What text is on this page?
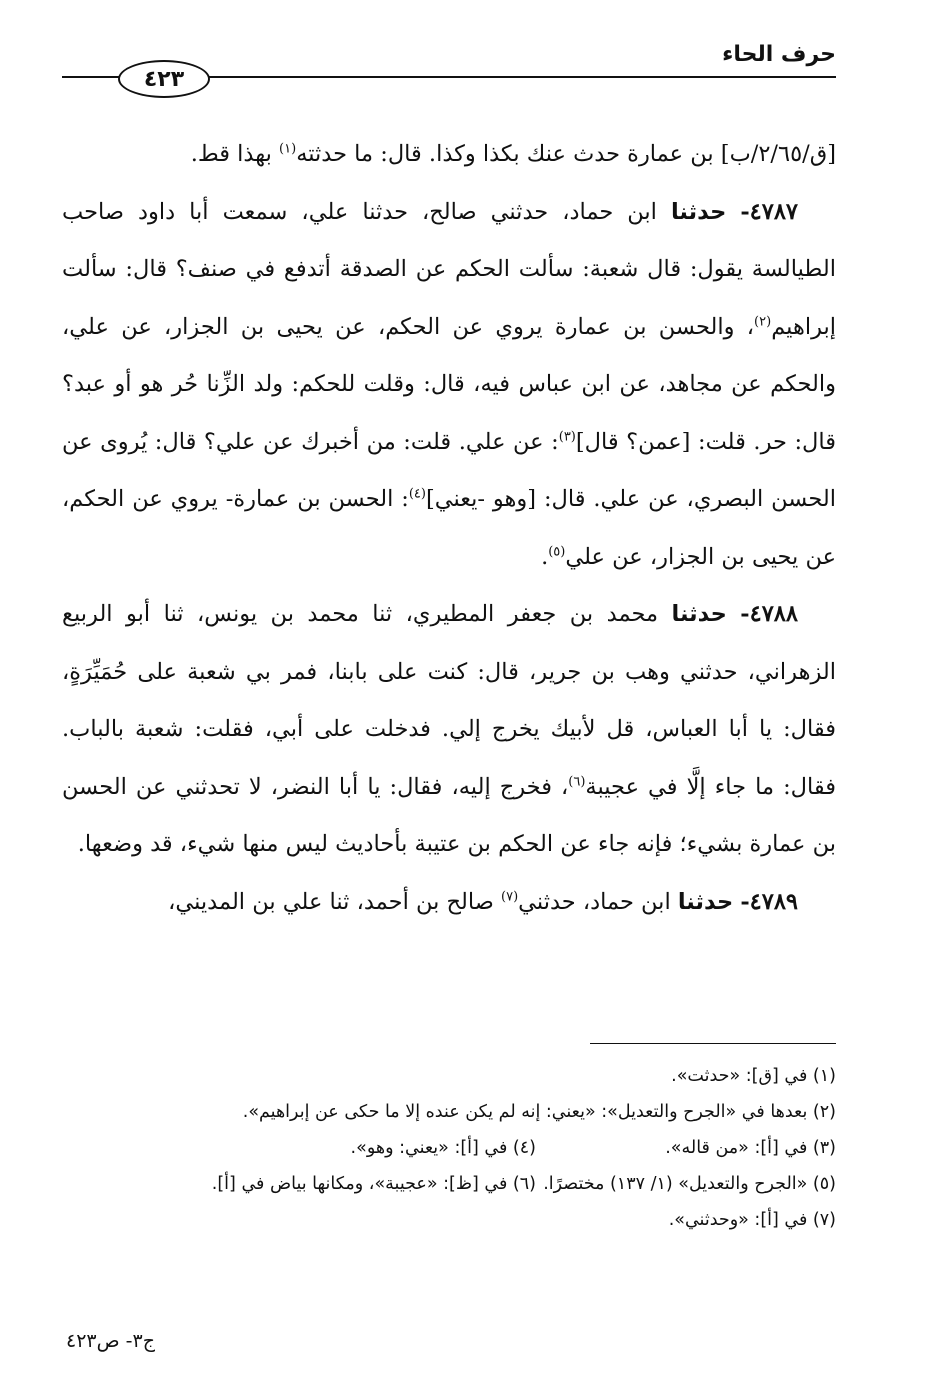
حرف الحاء
٤٢٣

[ق/٢/٦٥/ب] بن عمارة حدث عنك بكذا وكذا. قال: ما حدثته$^{(١)}$ بهذا قط.

٤٧٨٧- حدثنا ابن حماد، حدثني صالح، حدثنا علي، سمعت أبا داود صاحب الطيالسة يقول: قال شعبة: سألت الحكم عن الصدقة أتدفع في صنف؟ قال: سألت إبراهيم$^{(٢)}$، والحسن بن عمارة يروي عن الحكم، عن يحيى بن الجزار، عن علي، والحكم عن مجاهد، عن ابن عباس فيه، قال: وقلت للحكم: ولد الزِّنا حُر هو أو عبد؟ قال: حر. قلت: [عمن؟ قال]$^{(٣)}$: عن علي. قلت: من أخبرك عن علي؟ قال: يُروى عن الحسن البصري، عن علي. قال: [وهو -يعني]$^{(٤)}$: الحسن بن عمارة- يروي عن الحكم، عن يحيى بن الجزار، عن علي$^{(٥)}$.

٤٧٨٨- حدثنا محمد بن جعفر المطيري، ثنا محمد بن يونس، ثنا أبو الربيع الزهراني، حدثني وهب بن جرير، قال: كنت على بابنا، فمر بي شعبة على حُمَيِّرَةٍ، فقال: يا أبا العباس، قل لأبيك يخرج إلي. فدخلت على أبي، فقلت: شعبة بالباب. فقال: ما جاء إلَّا في عجيبة$^{(٦)}$، فخرج إليه، فقال: يا أبا النضر، لا تحدثني عن الحسن بن عمارة بشيء؛ فإنه جاء عن الحكم بن عتيبة بأحاديث ليس منها شيء، قد وضعها.

٤٧٨٩- حدثنا ابن حماد، حدثني$^{(٧)}$ صالح بن أحمد، ثنا علي بن المديني،

(١) في [ق]: «حدثت».
(٢) بعدها في «الجرح والتعديل»: «يعني: إنه لم يكن عنده إلا ما حكى عن إبراهيم».
(٣) في [أ]: «من قاله».
(٤) في [أ]: «يعني: وهو».
(٥) «الجرح والتعديل» (١/ ١٣٧) مختصرًا.
(٦) في [ظ]: «عجيبة»، ومكانها بياض في [أ].
(٧) في [أ]: «وحدثني».
ج٣- ص٤٢٣
